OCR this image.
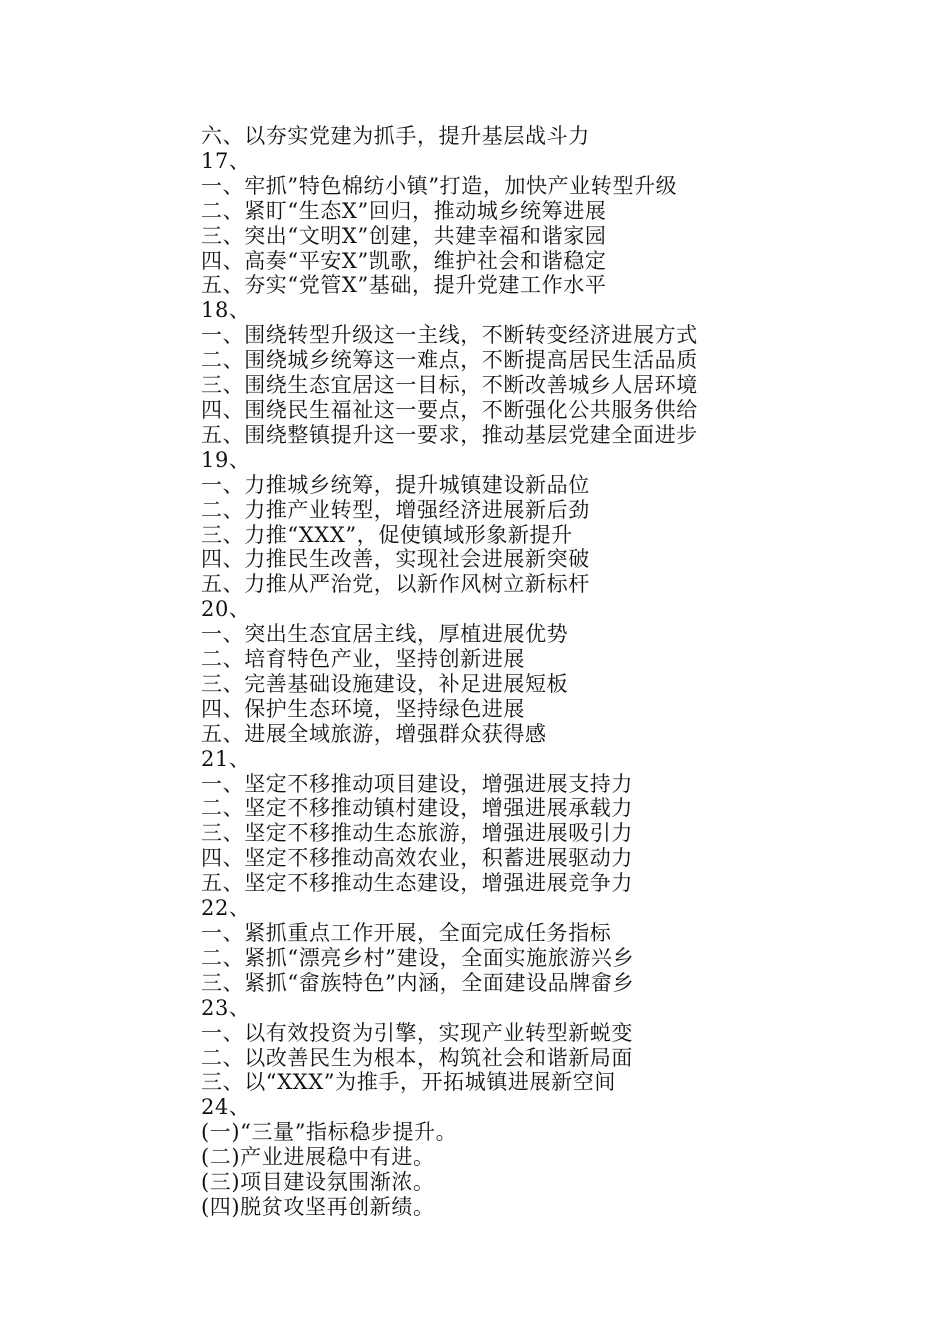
六、以夯实党建为抓手，提升基层战斗力
17、
一、牢抓”特色棉纺小镇”打造，加快产业转型升级
二、紧盯“生态X”回归，推动城乡统筹进展
三、突出“文明X”创建，共建幸福和谐家园
四、高奏“平安X”凯歌，维护社会和谐稳定
五、夯实“党管X”基础，提升党建工作水平
18、
一、围绕转型升级这一主线，不断转变经济进展方式
二、围绕城乡统筹这一难点，不断提高居民生活品质
三、围绕生态宜居这一目标，不断改善城乡人居环境
四、围绕民生福祉这一要点，不断强化公共服务供给
五、围绕整镇提升这一要求，推动基层党建全面进步
19、
一、力推城乡统筹，提升城镇建设新品位
二、力推产业转型，增强经济进展新后劲
三、力推“XXX”，促使镇域形象新提升
四、力推民生改善，实现社会进展新突破
五、力推从严治党，以新作风树立新标杆
20、
一、突出生态宜居主线，厚植进展优势
二、培育特色产业，坚持创新进展
三、完善基础设施建设，补足进展短板
四、保护生态环境，坚持绿色进展
五、进展全域旅游，增强群众获得感
21、
一、坚定不移推动项目建设，增强进展支持力
二、坚定不移推动镇村建设，增强进展承载力
三、坚定不移推动生态旅游，增强进展吸引力
四、坚定不移推动高效农业，积蓄进展驱动力
五、坚定不移推动生态建设，增强进展竞争力
22、
一、紧抓重点工作开展，全面完成任务指标
二、紧抓“漂亮乡村”建设，全面实施旅游兴乡
三、紧抓“畲族特色”内涵，全面建设品牌畲乡
23、
一、以有效投资为引擎，实现产业转型新蜕变
二、以改善民生为根本，构筑社会和谐新局面
三、以“XXX”为推手，开拓城镇进展新空间
24、
(一)“三量”指标稳步提升。
(二)产业进展稳中有进。
(三)项目建设氛围渐浓。
(四)脱贫攻坚再创新绩。
